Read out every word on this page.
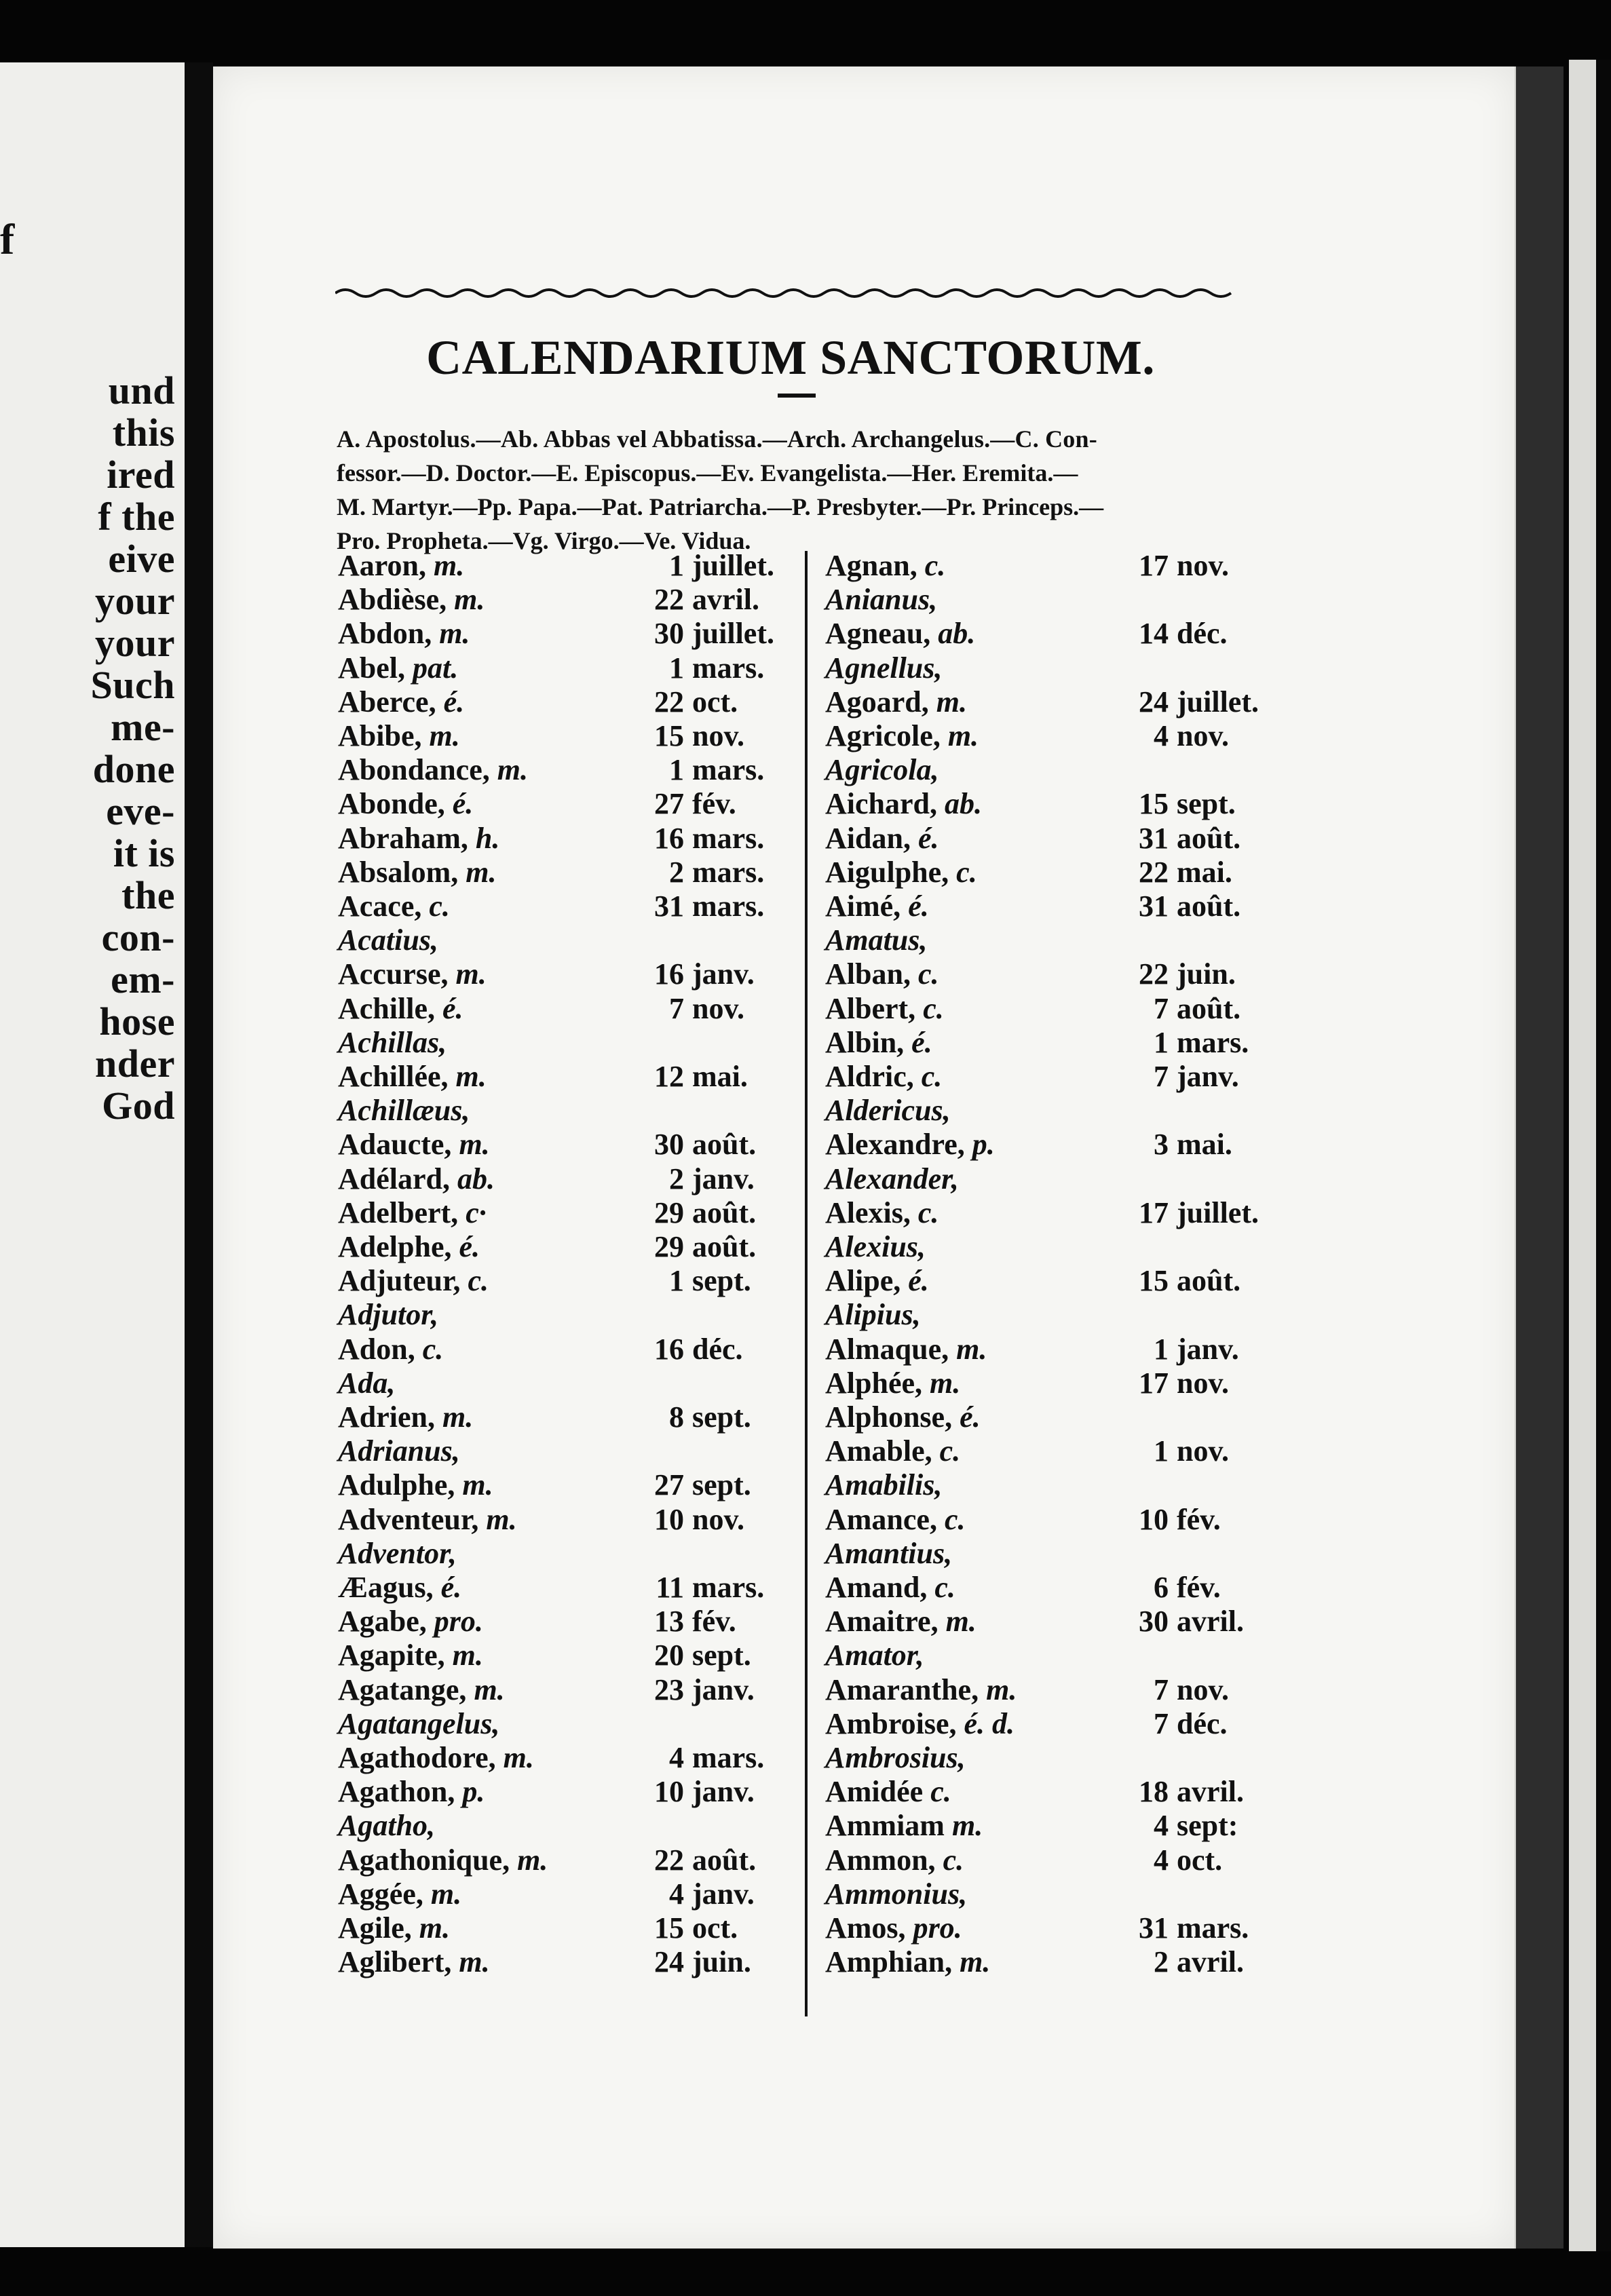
f
und
this
ired
f the
eive
your
your
Such
me-
done
eve-
it is
the
con-
em-
hose
nder
God
CALENDARIUM SANCTORUM.
A. Apostolus.—Ab. Abbas vel Abbatissa.—Arch. Archangelus.—C. Con-
fessor.—D. Doctor.—E. Episcopus.—Ev. Evangelista.—Her. Eremita.—
M. Martyr.—Pp. Papa.—Pat. Patriarcha.—P. Presbyter.—Pr. Princeps.—
Pro. Propheta.—Vg. Virgo.—Ve. Vidua.
Aaron, m.	1 juillet.
Abdièse, m.	22 avril.
Abdon, m.	30 juillet.
Abel, pat.	1 mars.
Aberce, é.	22 oct.
Abibe, m.	15 nov.
Abondance, m.	1 mars.
Abonde, é.	27 fév.
Abraham, h.	16 mars.
Absalom, m.	2 mars.
Acace, c.	31 mars.
Acatius,
Accurse, m.	16 janv.
Achille, é.	7 nov.
Achillas,
Achillée, m.	12 mai.
Achillæus,
Adaucte, m.	30 août.
Adélard, ab.	2 janv.
Adelbert, c·	29 août.
Adelphe, é.	29 août.
Adjuteur, c.	1 sept.
Adjutor,
Adon, c.	16 déc.
Ada,
Adrien, m.	8 sept.
Adrianus,
Adulphe, m.	27 sept.
Adventeur, m.	10 nov.
Adventor,
Æagus, é.	11 mars.
Agabe, pro.	13 fév.
Agapite, m.	20 sept.
Agatange, m.	23 janv.
Agatangelus,
Agathodore, m.	4 mars.
Agathon, p.	10 janv.
Agatho,
Agathonique, m.	22 août.
Aggée, m.	4 janv.
Agile, m.	15 oct.
Aglibert, m.	24 juin.
Agnan, c.	17 nov.
Anianus,
Agneau, ab.	14 déc.
Agnellus,
Agoard, m.	24 juillet.
Agricole, m.	4 nov.
Agricola,
Aichard, ab.	15 sept.
Aidan, é.	31 août.
Aigulphe, c.	22 mai.
Aimé, é.	31 août.
Amatus,
Alban, c.	22 juin.
Albert, c.	7 août.
Albin, é.	1 mars.
Aldric, c.	7 janv.
Aldericus,
Alexandre, p.	3 mai.
Alexander,
Alexis, c.	17 juillet.
Alexius,
Alipe, é.	15 août.
Alipius,
Almaque, m.	1 janv.
Alphée, m.	17 nov.
Alphonse, é.
Amable, c.	1 nov.
Amabilis,
Amance, c.	10 fév.
Amantius,
Amand, c.	6 fév.
Amaitre, m.	30 avril.
Amator,
Amaranthe, m.	7 nov.
Ambroise, é. d.	7 déc.
Ambrosius,
Amidée c.	18 avril.
Ammiam m.	4 sept:
Ammon, c.	4 oct.
Ammonius,
Amos, pro.	31 mars.
Amphian, m.	2 avril.
